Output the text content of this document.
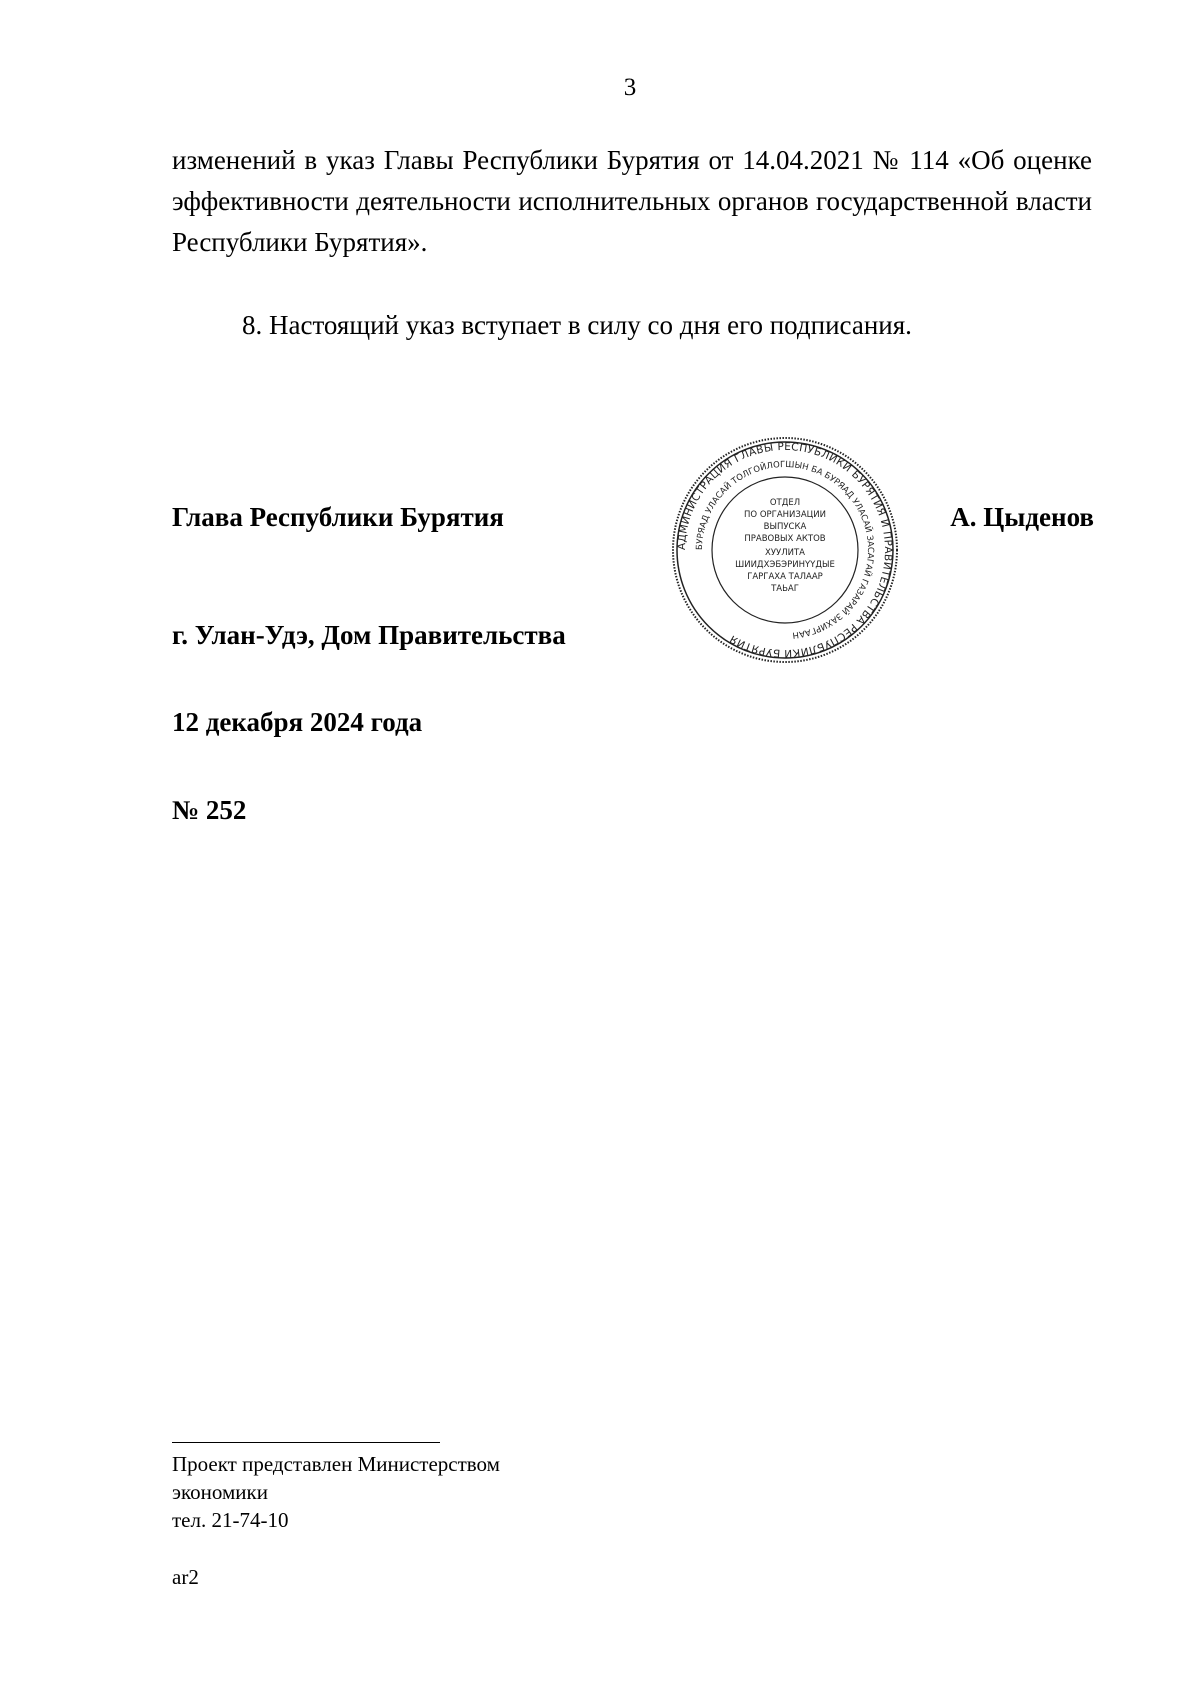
3

изменений в указ Главы Республики Бурятия от 14.04.2021 № 114 «Об оценке эффективности деятельности исполнительных органов государственной власти Республики Бурятия».

8. Настоящий указ вступает в силу со дня его подписания.

Глава Республики Бурятия
АДМИНИСТРАЦИЯ ГЛАВЫ РЕСПУБЛИКИ БУРЯТИЯ И ПРАВИТЕЛЬСТВА РЕСПУБЛИКИ БУРЯТИЯ
БУРЯАД УЛАСАЙ ТОЛГОЙЛОГШЫН БА БУРЯАД УЛАСАЙ ЗАСАГАЙ ГАЗАРАЙ ЗАХИРГААН
ОТДЕЛ
ПО ОРГАНИЗАЦИИ
ВЫПУСКА
ПРАВОВЫХ АКТОВ
ХУУЛИТА
ШИИДХЭБЭРИНҮҮДЫЕ
ГАРГАХА ТАЛААР
ТАЬАГ
А. Цыденов
г. Улан-Удэ, Дом Правительства
12 декабря 2024 года
№ 252
Проект представлен Министерством
экономики
тел. 21-74-10
ar2
